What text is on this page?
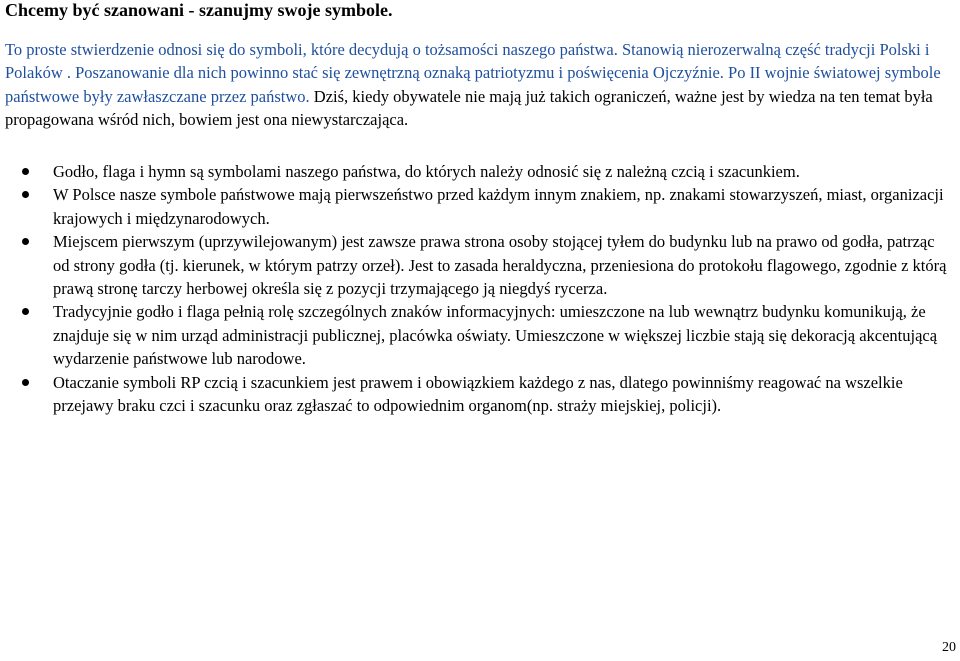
Chcemy być szanowani - szanujmy swoje symbole.
To proste stwierdzenie odnosi się do symboli, które decydują o tożsamości naszego państwa. Stanowią nierozerwalną część tradycji Polski i Polaków . Poszanowanie dla nich powinno stać się zewnętrzną oznaką patriotyzmu i poświęcenia Ojczyźnie. Po II wojnie światowej symbole państwowe były zawłaszczane przez państwo. Dziś, kiedy obywatele nie mają już takich ograniczeń, ważne jest by wiedza na ten temat była propagowana wśród nich, bowiem jest ona niewystarczająca.
Godło, flaga i hymn są symbolami naszego państwa, do których należy odnosić się z należną czcią i szacunkiem.
W Polsce nasze symbole państwowe mają pierwszeństwo przed każdym innym znakiem, np. znakami stowarzyszeń, miast, organizacji krajowych i międzynarodowych.
Miejscem pierwszym (uprzywilejowanym) jest zawsze prawa strona osoby stojącej tyłem do budynku lub na prawo od godła, patrząc od strony godła (tj. kierunek, w którym patrzy orzeł). Jest to zasada heraldyczna, przeniesiona do protokołu flagowego, zgodnie z którą prawą stronę tarczy herbowej określa się z pozycji trzymającego ją niegdyś rycerza.
Tradycyjnie godło i flaga pełnią rolę szczególnych znaków informacyjnych: umieszczone na lub wewnątrz budynku komunikują, że znajduje się w nim urząd administracji publicznej, placówka oświaty. Umieszczone w większej liczbie stają się dekoracją akcentującą wydarzenie państwowe lub narodowe.
Otaczanie symboli RP czcią i szacunkiem jest prawem i obowiązkiem każdego z nas, dlatego powinniśmy reagować na wszelkie przejawy braku czci i szacunku oraz zgłaszać to odpowiednim organom(np. straży miejskiej, policji).
20
